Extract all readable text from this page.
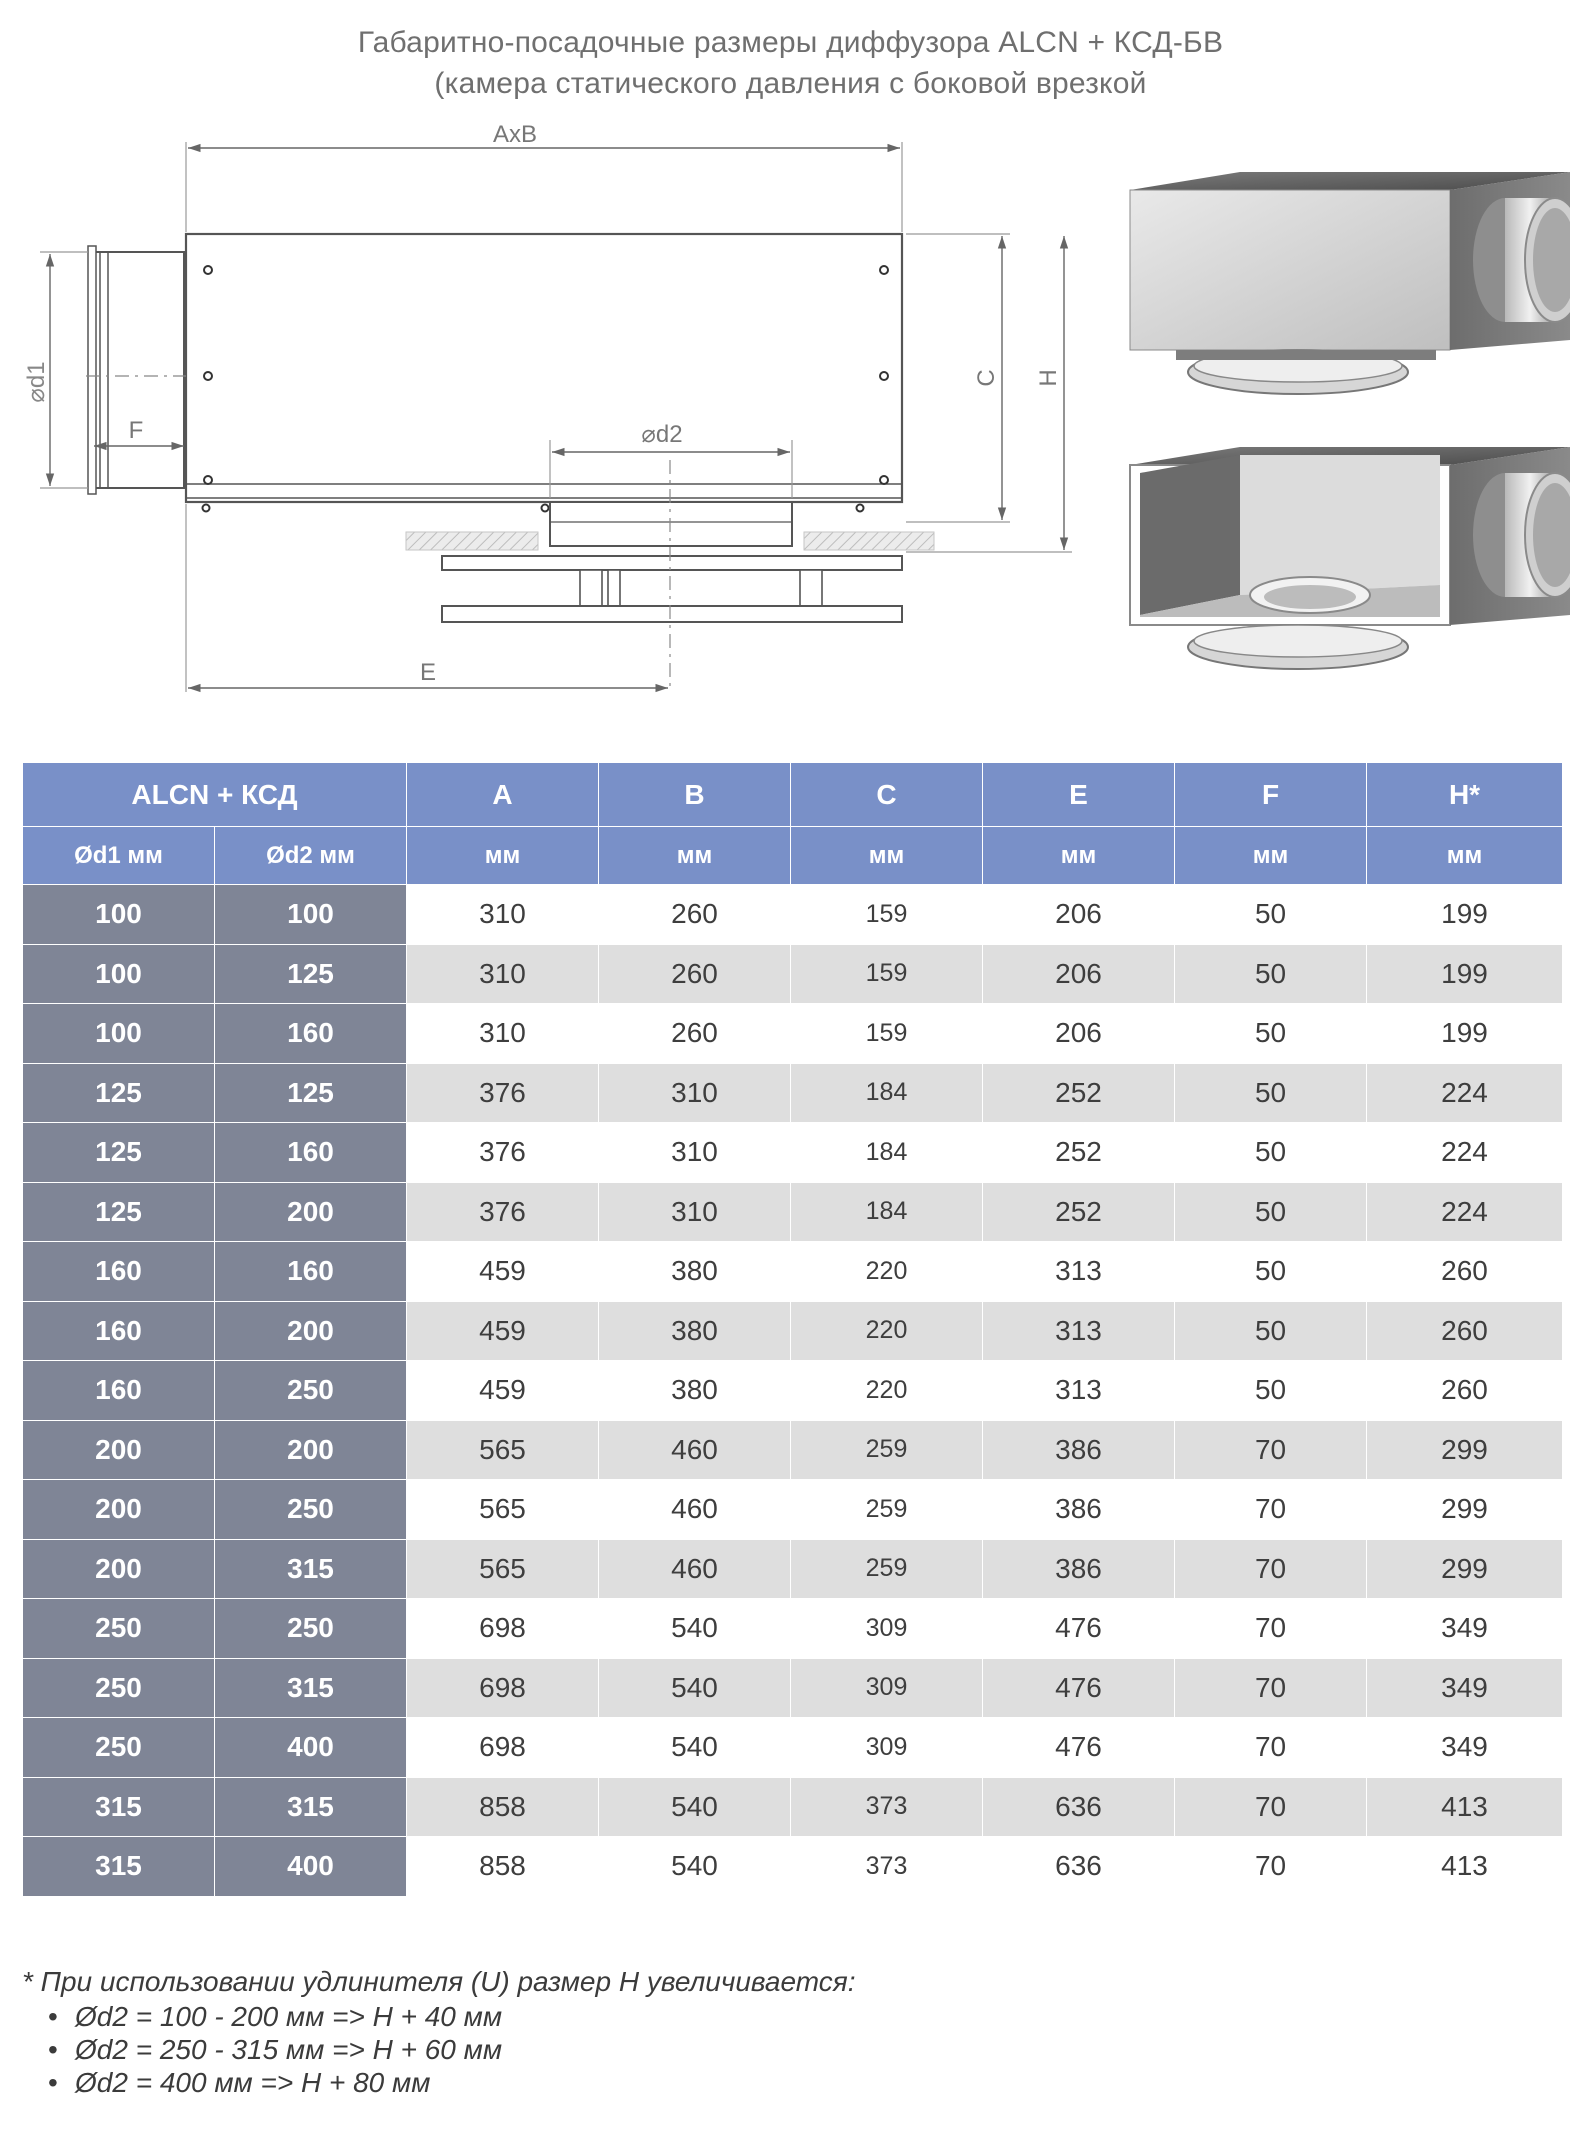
Габаритно-посадочные размеры диффузора ALCN + КСД-БВ
(камера статического давления с боковой врезкой
AxB
⌀d1
F
C H
⌀d2
E
ALCN + КСД		A	B	C	E	F	H*
Ød1 мм	Ød2 мм	мм	мм	мм	мм	мм	мм
100	100	310	260	159	206	50	199
100	125	310	260	159	206	50	199
100	160	310	260	159	206	50	199
125	125	376	310	184	252	50	224
125	160	376	310	184	252	50	224
125	200	376	310	184	252	50	224
160	160	459	380	220	313	50	260
160	200	459	380	220	313	50	260
160	250	459	380	220	313	50	260
200	200	565	460	259	386	70	299
200	250	565	460	259	386	70	299
200	315	565	460	259	386	70	299
250	250	698	540	309	476	70	349
250	315	698	540	309	476	70	349
250	400	698	540	309	476	70	349
315	315	858	540	373	636	70	413
315	400	858	540	373	636	70	413
* При использовании удлинителя (U) размер H увеличивается:
• Ød2 = 100 - 200 мм => H + 40 мм
• Ød2 = 250 - 315 мм => H + 60 мм
• Ød2 = 400 мм => H + 80 мм
